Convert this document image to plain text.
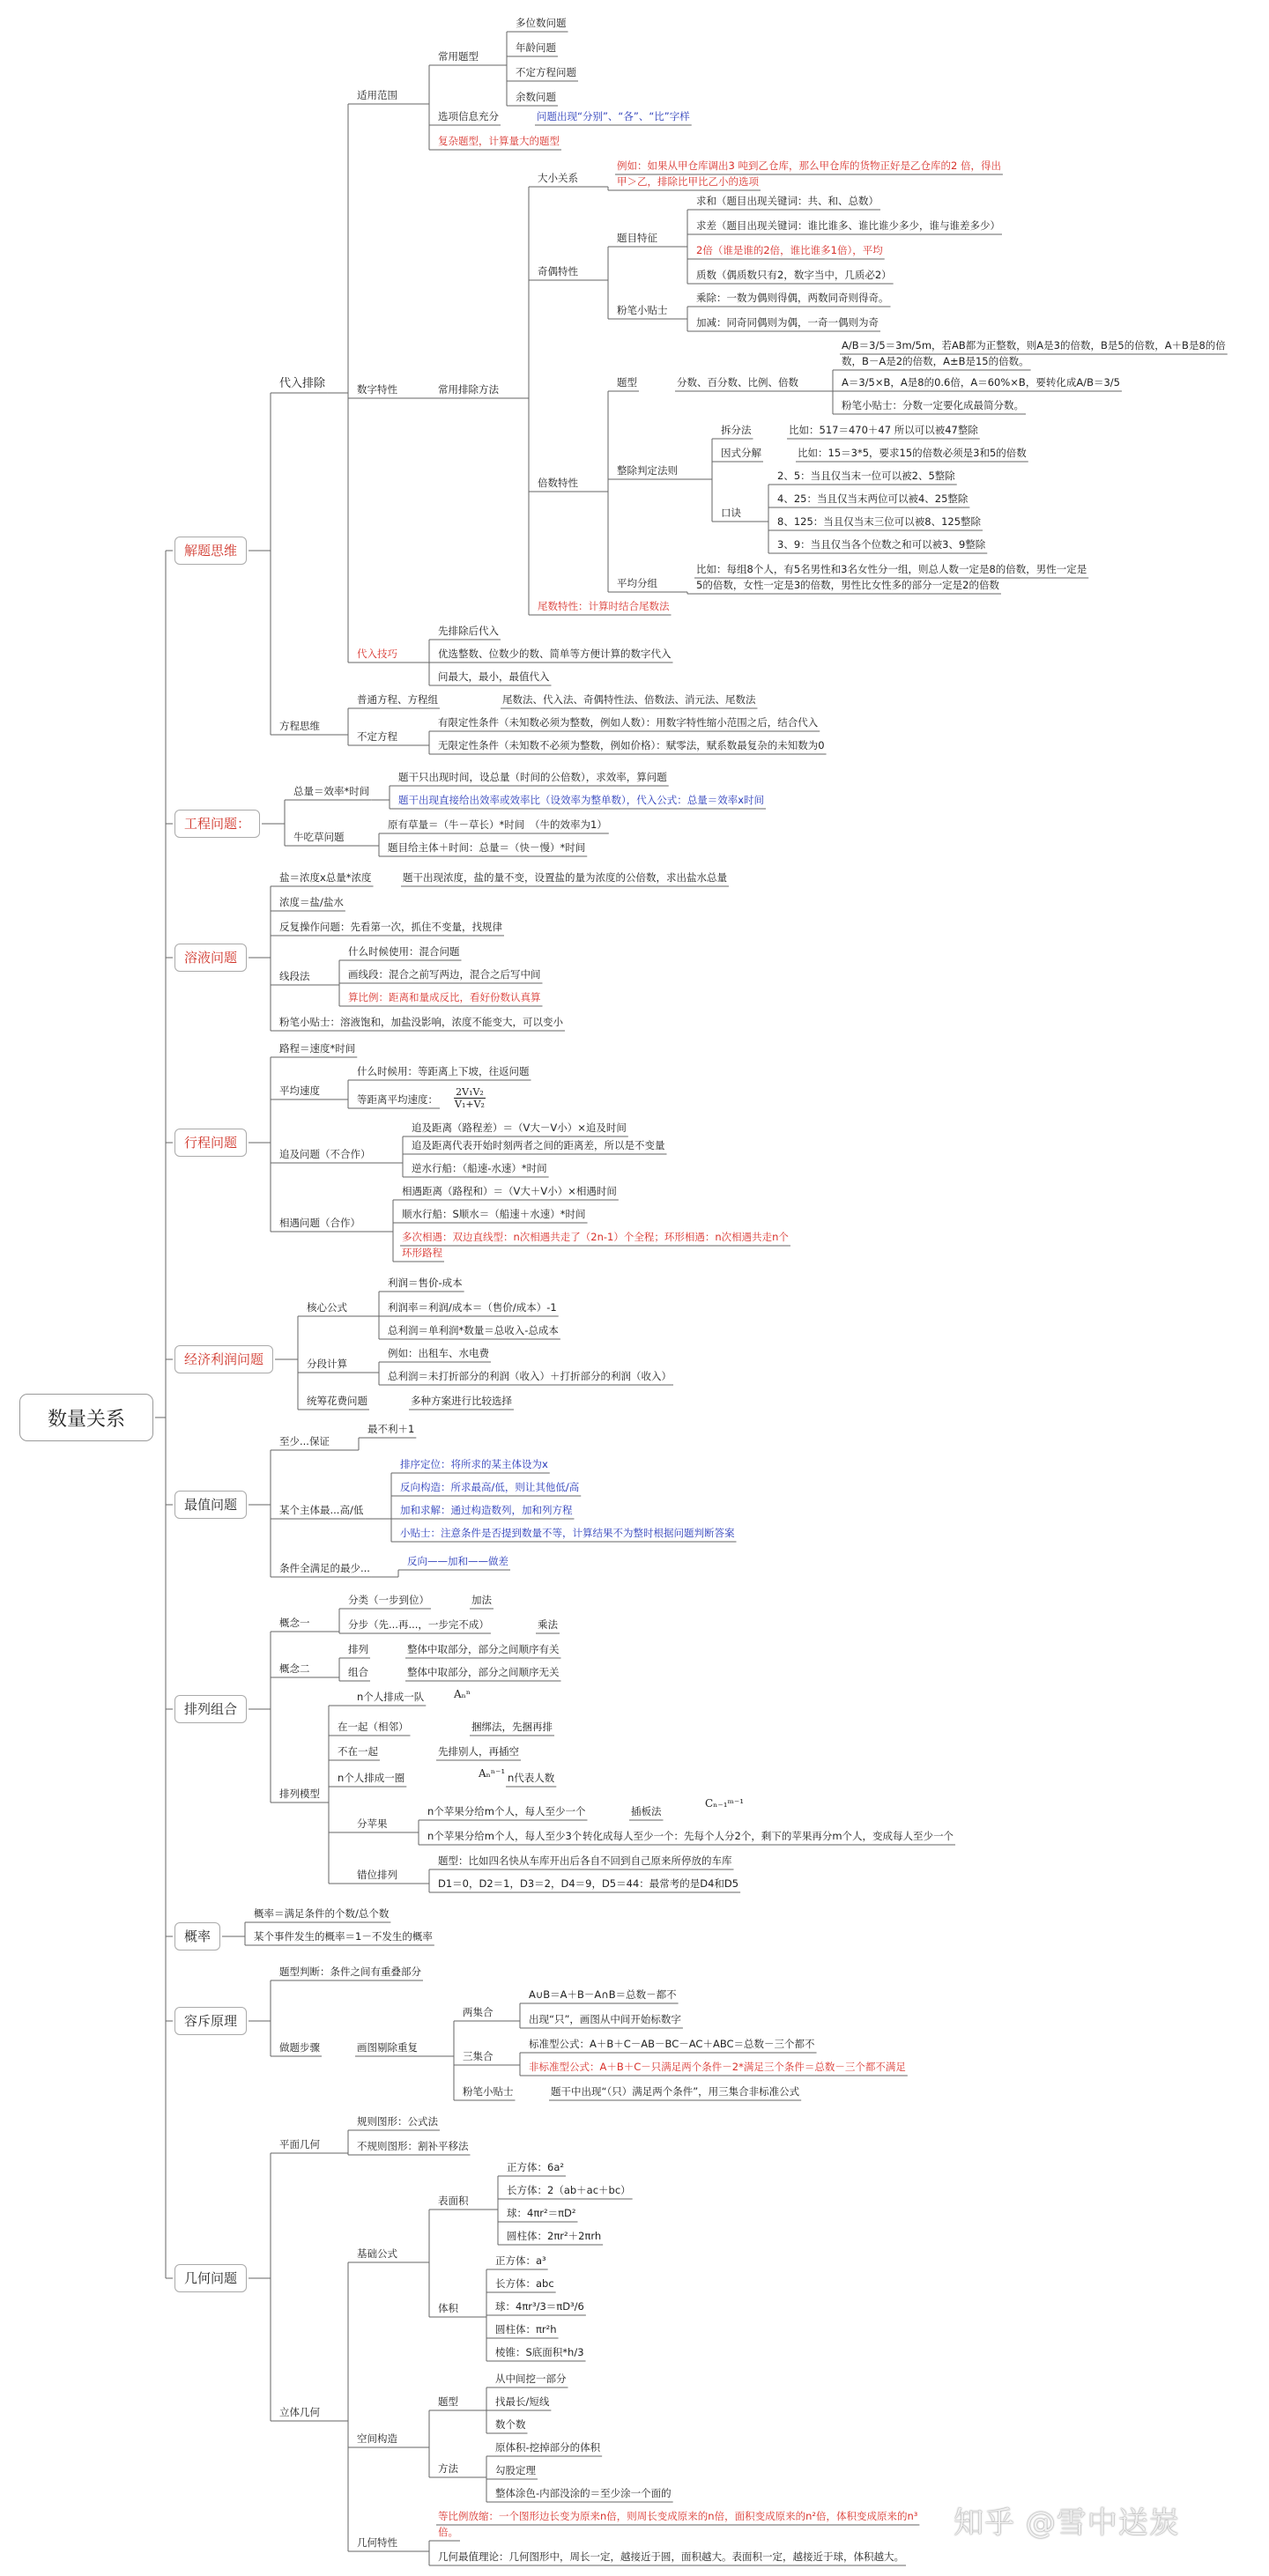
数量关系
解题思维
工程问题：
溶液问题
行程问题
经济利润问题
最值问题
排列组合
概率
容斥原理
几何问题
代入排除
适用范围
常用题型
多位数问题
年龄问题
不定方程问题
余数问题
选项信息充分	问题出现“分别”、“各”、“比”字样
复杂题型，计算量大的题型
数字特性	常用排除方法
大小关系
例如：如果从甲仓库调出3 吨到乙仓库，那么甲仓库的货物正好是乙仓库的2 倍，得出
甲＞乙，排除比甲比乙小的选项
奇偶特性
题目特征
求和（题目出现关键词：共、和、总数）
求差（题目出现关键词：谁比谁多、谁比谁少多少，谁与谁差多少）
2倍（谁是谁的2倍，谁比谁多1倍），平均
质数（偶质数只有2，数字当中，几质必2）
粉笔小贴士
乘除：一数为偶则得偶，两数同奇则得奇。
加减：同奇同偶则为偶，一奇一偶则为奇
倍数特性
题型	分数、百分数、比例、倍数
A/B＝3/5＝3m/5m，若AB都为正整数，则A是3的倍数，B是5的倍数，A＋B是8的倍
数，B－A是2的倍数，A±B是15的倍数。
A＝3/5×B，A是8的0.6倍，A＝60%×B，要转化成A/B＝3/5
粉笔小贴士：分数一定要化成最简分数。
整除判定法则
拆分法	比如：517＝470＋47 所以可以被47整除
因式分解	比如：15＝3*5，要求15的倍数必须是3和5的倍数
口诀
2、5：当且仅当末一位可以被2、5整除
4、25：当且仅当末两位可以被4、25整除
8、125：当且仅当末三位可以被8、125整除
3、9：当且仅当各个位数之和可以被3、9整除
平均分组
比如：每组8个人，有5名男性和3名女性分一组，则总人数一定是8的倍数，男性一定是
5的倍数，女性一定是3的倍数，男性比女性多的部分一定是2的倍数
尾数特性：计算时结合尾数法
代入技巧
先排除后代入
优选整数、位数少的数、简单等方便计算的数字代入
问最大，最小，最值代入
方程思维
普通方程、方程组	尾数法、代入法、奇偶特性法、倍数法、消元法、尾数法
不定方程
有限定性条件（未知数必须为整数，例如人数）：用数字特性缩小范围之后，结合代入
无限定性条件（未知数不必须为整数，例如价格）：赋零法，赋系数最复杂的未知数为0
总量＝效率*时间
题干只出现时间，设总量（时间的公倍数），求效率，算问题
题干出现直接给出效率或效率比（设效率为整单数），代入公式：总量＝效率x时间
牛吃草问题
原有草量＝（牛－草长）*时间　（牛的效率为1）
题目给主体＋时间：总量＝（快－慢）*时间
盐＝浓度x总量*浓度	题干出现浓度，盐的量不变，设置盐的量为浓度的公倍数，求出盐水总量
浓度＝盐/盐水
反复操作问题：先看第一次，抓住不变量，找规律
线段法
什么时候使用：混合问题
画线段：混合之前写两边，混合之后写中间
算比例：距离和量成反比，看好份数认真算
粉笔小贴士：溶液饱和，加盐没影响，浓度不能变大，可以变小
路程＝速度*时间
平均速度
什么时候用：等距离上下坡，往返问题
等距离平均速度：
2V₁V₂
V₁+V₂
追及问题（不合作）
追及距离（路程差）＝（V大－V小）×追及时间
追及距离代表开始时刻两者之间的距离差，所以是不变量
逆水行船：（船速-水速）*时间
相遇问题（合作）
相遇距离（路程和）＝（V大＋V小）×相遇时间
顺水行船：S顺水＝（船速＋水速）*时间
多次相遇：双边直线型：n次相遇共走了（2n-1）个全程；环形相遇：n次相遇共走n个
环形路程
核心公式
利润＝售价-成本
利润率＝利润/成本＝（售价/成本）-1
总利润＝单利润*数量＝总收入-总成本
分段计算
例如：出租车、水电费
总利润＝未打折部分的利润（收入）＋打折部分的利润（收入）
统筹花费问题	多种方案进行比较选择
至少...保证
最不利＋1
某个主体最...高/低
排序定位：将所求的某主体设为x
反向构造：所求最高/低，则让其他低/高
加和求解：通过构造数列，加和列方程
小贴士：注意条件是否提到数量不等，计算结果不为整时根据问题判断答案
条件全满足的最少...
反向——加和——做差
概念一
分类（一步到位）	加法
分步（先...再...，一步完不成）	乘法
概念二
排列	整体中取部分，部分之间顺序有关
组合	整体中取部分，部分之间顺序无关
n个人排成一队	Aₙⁿ
排列模型
在一起（相邻）	捆绑法，先捆再排
不在一起	先排别人，再插空
n个人排成一圈	Aₙⁿ⁻¹ n代表人数
分苹果
n个苹果分给m个人，每人至少一个	插板法
Cₙ₋₁ᵐ⁻¹
n个苹果分给m个人，每人至少3个 转化成每人至少一个：先每个人分2个，剩下的苹果再分m个人，变成每人至少一个
错位排列
题型：比如四名快从车库开出后各自不回到自己原来所停放的车库
D1＝0，D2＝1，D3＝2，D4＝9，D5＝44：最常考的是D4和D5
概率＝满足条件的个数/总个数
某个事件发生的概率＝1－不发生的概率
题型判断：条件之间有重叠部分
做题步骤	画图剔除重复
两集合
A∪B＝A＋B－A∩B＝总数－都不
出现“只”，画图从中间开始标数字
三集合
标准型公式：A＋B＋C－AB－BC－AC＋ABC＝总数－三个都不
非标准型公式：A＋B＋C－只满足两个条件－2*满足三个条件＝总数－三个都不满足
粉笔小贴士	题干中出现“（只）满足两个条件”，用三集合非标准公式
平面几何
规则图形：公式法
不规则图形：割补平移法
基础公式
表面积
正方体：6a²
长方体：2（ab＋ac＋bc）
球：4πr²＝πD²
圆柱体：2πr²＋2πrh
体积
正方体：a³
长方体：abc
球：4πr³/3＝πD³/6
圆柱体：πr²h
棱锥：S底面积*h/3
立体几何
空间构造
题型
从中间挖一部分
找最长/短线
数个数
方法
原体积-挖掉部分的体积
勾股定理
整体涂色-内部没涂的＝至少涂一个面的
几何特性
等比例放缩：一个图形边长变为原来n倍，则周长变成原来的n倍，面积变成原来的n²倍，体积变成原来的n³
倍。
几何最值理论：几何图形中，周长一定，越接近于圆，面积越大。表面积一定，越接近于球，体积越大。
知乎 @雪中送炭
